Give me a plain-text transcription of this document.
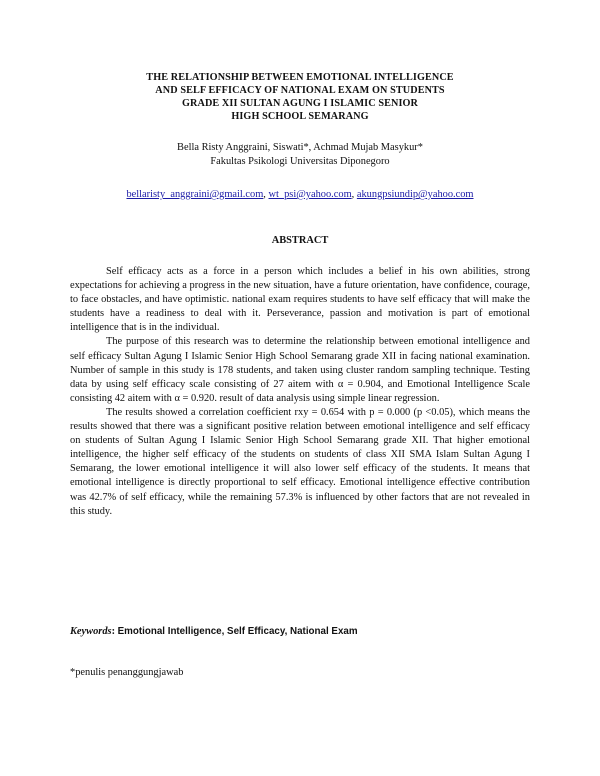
THE RELATIONSHIP BETWEEN EMOTIONAL INTELLIGENCE
AND SELF EFFICACY OF NATIONAL EXAM ON STUDENTS
GRADE XII SULTAN AGUNG I ISLAMIC SENIOR
HIGH SCHOOL SEMARANG
Bella Risty Anggraini, Siswati*, Achmad Mujab Masykur*
Fakultas Psikologi Universitas Diponegoro
bellaristy_anggraini@gmail.com, wt_psi@yahoo.com, akungpsiundip@yahoo.com
ABSTRACT

Self efficacy acts as a force in a person which includes a belief in his own abilities, strong expectations for achieving a progress in the new situation, have a future orientation, have confidence, courage, to face obstacles, and have optimistic. national exam requires students to have self efficacy that will make the students have a readiness to deal with it. Perseverance, passion and motivation is part of emotional intelligence that is in the individual.

The purpose of this research was to determine the relationship between emotional intelligence and self efficacy Sultan Agung I Islamic Senior High School Semarang grade XII in facing national examination. Number of sample in this study is 178 students, and taken using cluster random sampling technique. Testing data by using self efficacy scale consisting of 27 aitem with α = 0.904, and Emotional Intelligence Scale consisting 42 aitem with α = 0.920. result of data analysis using simple linear regression.

The results showed a correlation coefficient rxy = 0.654 with p = 0.000 (p <0.05), which means the results showed that there was a significant positive relation between emotional intelligence and self efficacy on students of Sultan Agung I Islamic Senior High School Semarang grade XII. That higher emotional intelligence, the higher self efficacy of the students on students of class XII SMA Islam Sultan Agung I Semarang, the lower emotional intelligence it will also lower self efficacy of the students. It means that emotional intelligence is directly proportional to self efficacy. Emotional intelligence effective contribution was 42.7% of self efficacy, while the remaining 57.3% is influenced by other factors that are not revealed in this study.

Keywords: Emotional Intelligence, Self Efficacy, National Exam
*penulis penanggungjawab
